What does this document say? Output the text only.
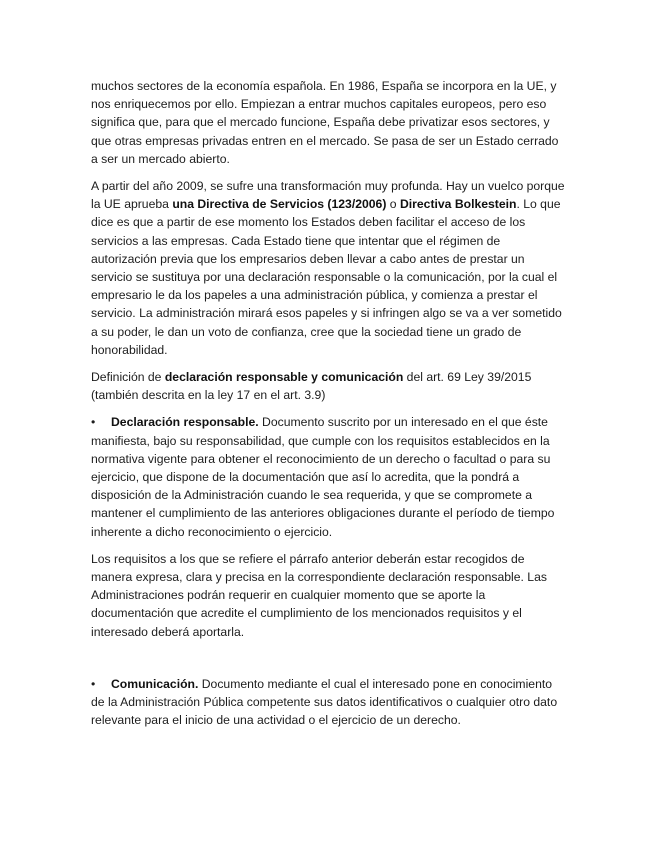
muchos sectores de la economía española. En 1986, España se incorpora en la UE, y nos enriquecemos por ello. Empiezan a entrar muchos capitales europeos, pero eso significa que, para que el mercado funcione, España debe privatizar esos sectores, y que otras empresas privadas entren en el mercado. Se pasa de ser un Estado cerrado a ser un mercado abierto.

A partir del año 2009, se sufre una transformación muy profunda. Hay un vuelco porque la UE aprueba una Directiva de Servicios (123/2006) o Directiva Bolkestein. Lo que dice es que a partir de ese momento los Estados deben facilitar el acceso de los servicios a las empresas. Cada Estado tiene que intentar que el régimen de autorización previa que los empresarios deben llevar a cabo antes de prestar un servicio se sustituya por una declaración responsable o la comunicación, por la cual el empresario le da los papeles a una administración pública, y comienza a prestar el servicio. La administración mirará esos papeles y si infringen algo se va a ver sometido a su poder, le dan un voto de confianza, cree que la sociedad tiene un grado de honorabilidad.

Definición de declaración responsable y comunicación del art. 69 Ley 39/2015 (también descrita en la ley 17 en el art. 3.9)

• Declaración responsable. Documento suscrito por un interesado en el que éste manifiesta, bajo su responsabilidad, que cumple con los requisitos establecidos en la normativa vigente para obtener el reconocimiento de un derecho o facultad o para su ejercicio, que dispone de la documentación que así lo acredita, que la pondrá a disposición de la Administración cuando le sea requerida, y que se compromete a mantener el cumplimiento de las anteriores obligaciones durante el período de tiempo inherente a dicho reconocimiento o ejercicio.

Los requisitos a los que se refiere el párrafo anterior deberán estar recogidos de manera expresa, clara y precisa en la correspondiente declaración responsable. Las Administraciones podrán requerir en cualquier momento que se aporte la documentación que acredite el cumplimiento de los mencionados requisitos y el interesado deberá aportarla.

• Comunicación. Documento mediante el cual el interesado pone en conocimiento de la Administración Pública competente sus datos identificativos o cualquier otro dato relevante para el inicio de una actividad o el ejercicio de un derecho.
